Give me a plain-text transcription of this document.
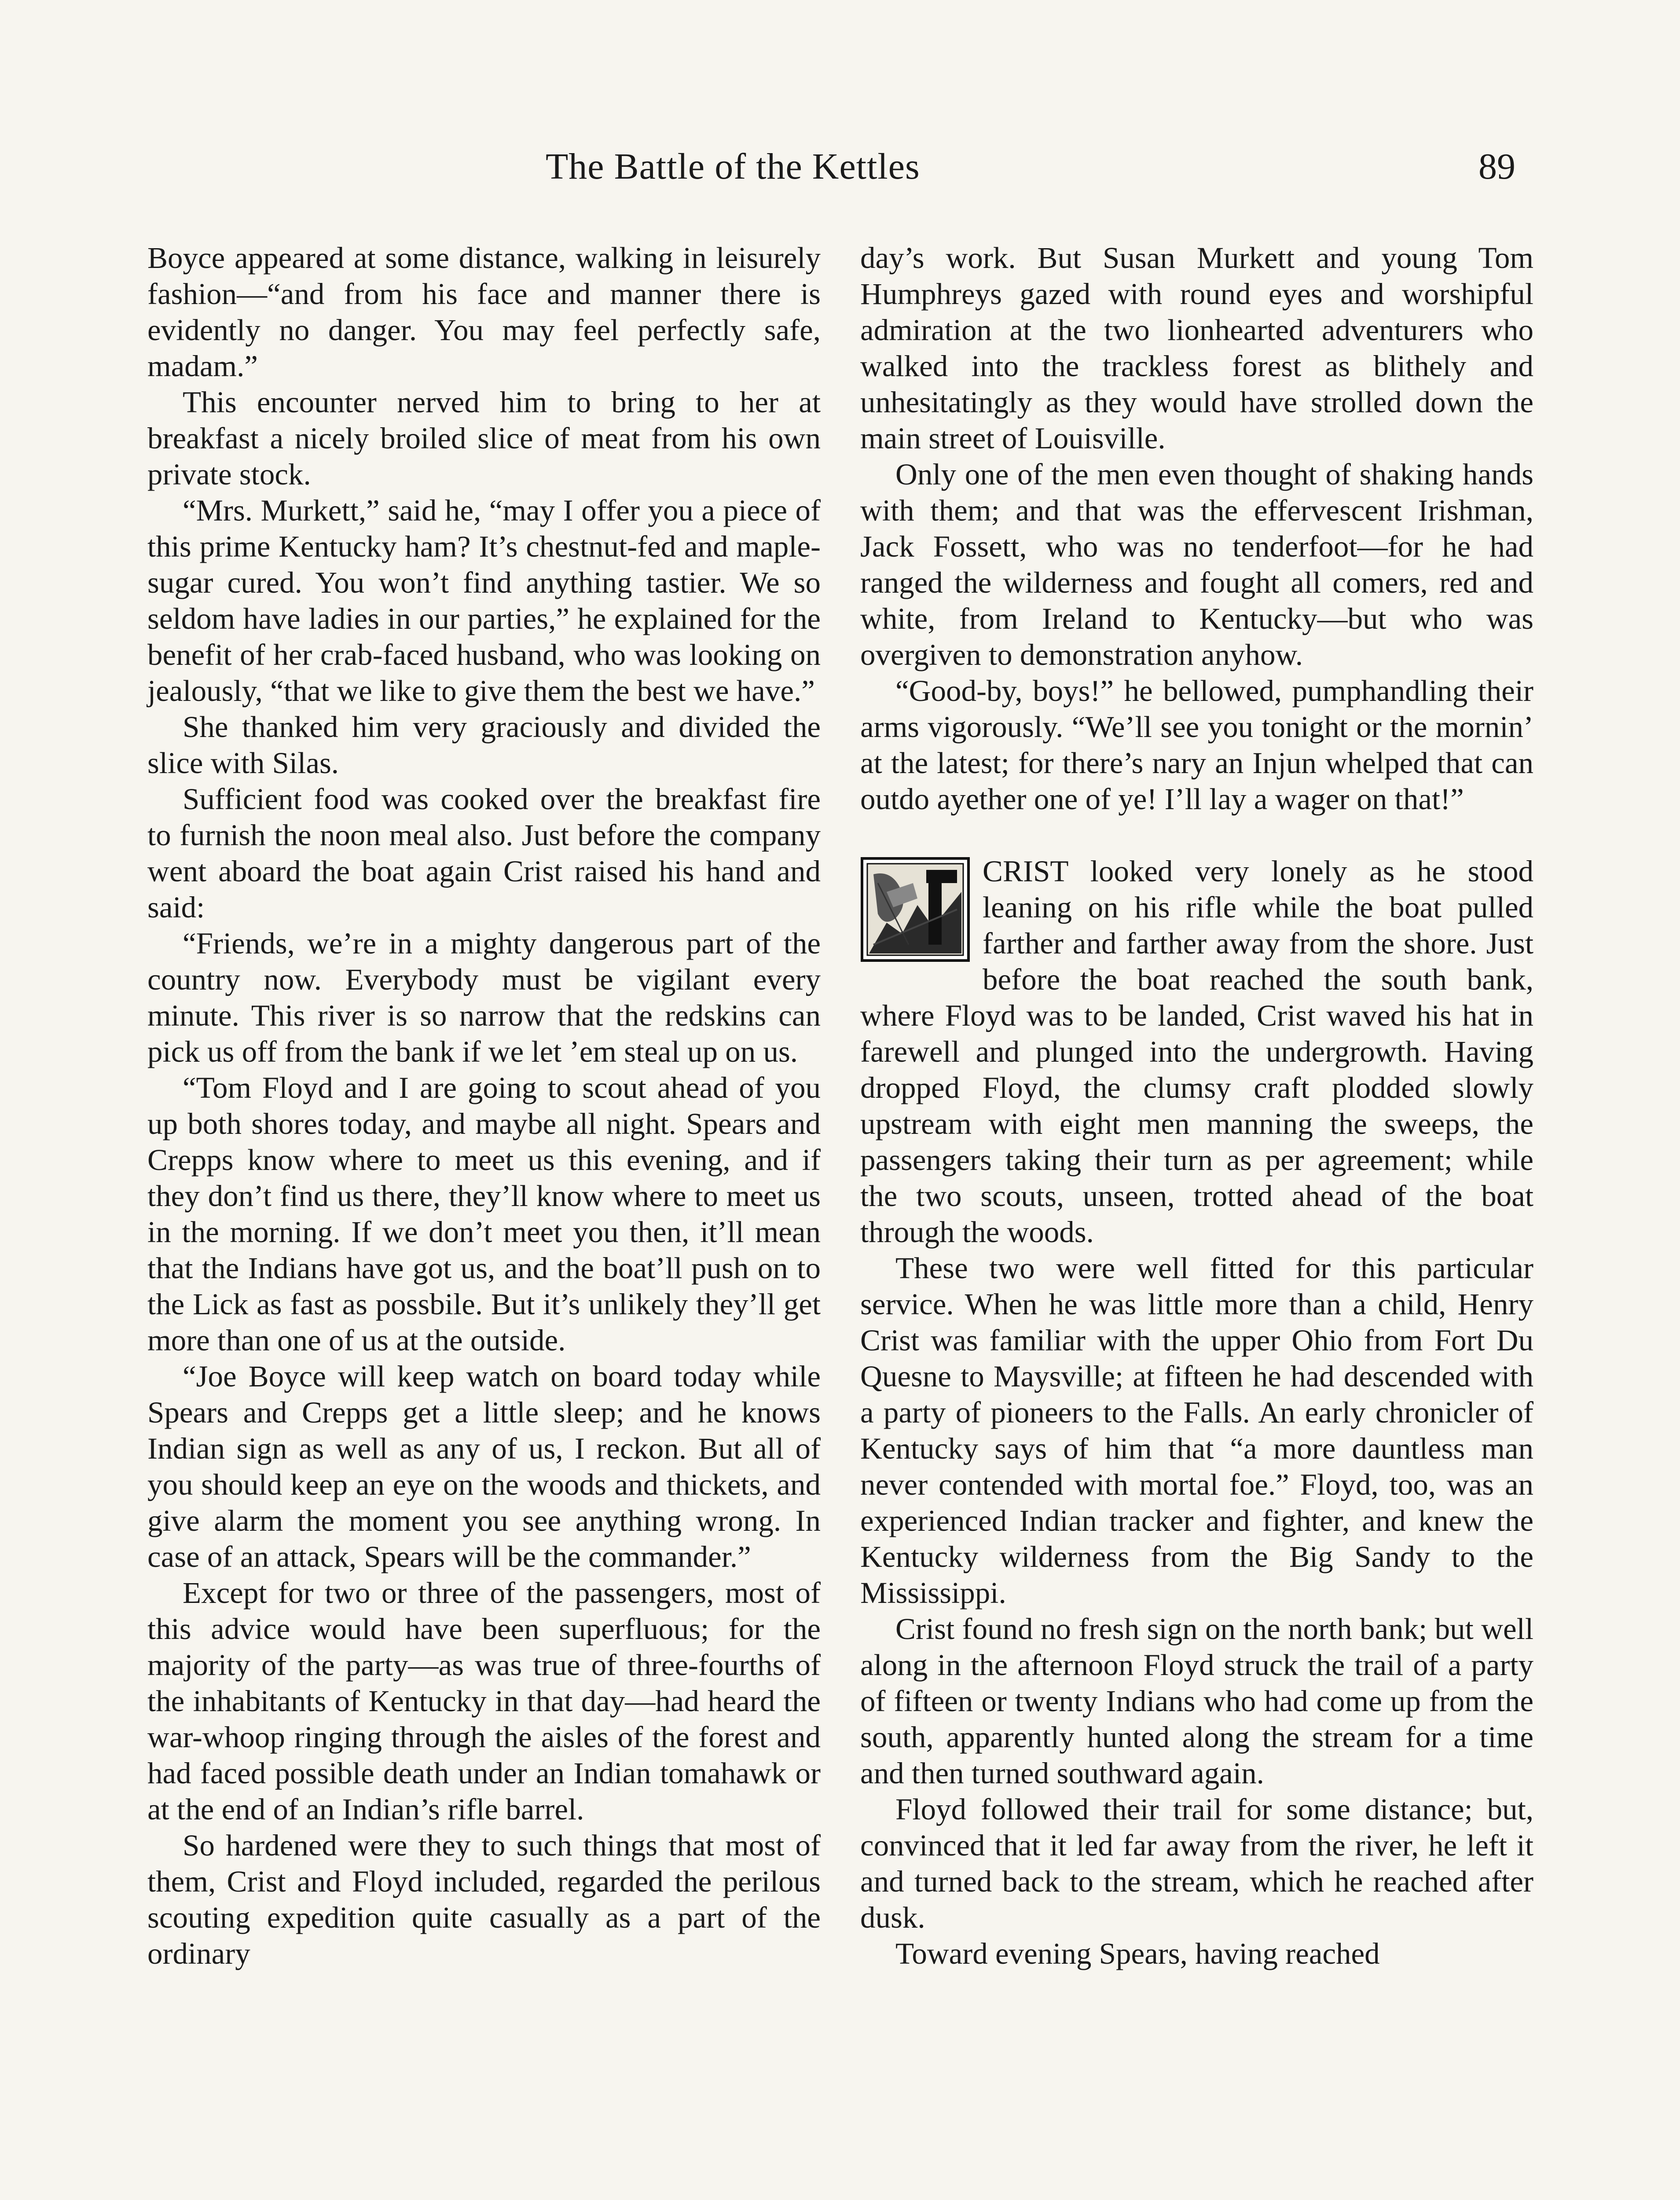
The Battle of the Kettles	89

Boyce appeared at some distance, walking in leisurely fashion—“and from his face and manner there is evidently no danger. You may feel perfectly safe, madam.”

This encounter nerved him to bring to her at breakfast a nicely broiled slice of meat from his own private stock.

“Mrs. Murkett,” said he, “may I offer you a piece of this prime Kentucky ham? It’s chestnut-fed and maple-sugar cured. You won’t find anything tastier. We so seldom have ladies in our parties,” he explained for the benefit of her crab-faced husband, who was looking on jealously, “that we like to give them the best we have.”

She thanked him very graciously and divided the slice with Silas.

Sufficient food was cooked over the breakfast fire to furnish the noon meal also. Just before the company went aboard the boat again Crist raised his hand and said:

“Friends, we’re in a mighty dangerous part of the country now. Everybody must be vigilant every minute. This river is so narrow that the redskins can pick us off from the bank if we let ’em steal up on us.

“Tom Floyd and I are going to scout ahead of you up both shores today, and maybe all night. Spears and Crepps know where to meet us this evening, and if they don’t find us there, they’ll know where to meet us in the morning. If we don’t meet you then, it’ll mean that the Indians have got us, and the boat’ll push on to the Lick as fast as possbile. But it’s unlikely they’ll get more than one of us at the outside.

“Joe Boyce will keep watch on board today while Spears and Crepps get a little sleep; and he knows Indian sign as well as any of us, I reckon. But all of you should keep an eye on the woods and thickets, and give alarm the moment you see anything wrong. In case of an attack, Spears will be the commander.”

Except for two or three of the passengers, most of this advice would have been superfluous; for the majority of the party—as was true of three-fourths of the inhabitants of Kentucky in that day—had heard the war-whoop ringing through the aisles of the forest and had faced possible death under an Indian tomahawk or at the end of an Indian’s rifle barrel.

So hardened were they to such things that most of them, Crist and Floyd included, regarded the perilous scouting expedition quite casually as a part of the ordinary

day’s work. But Susan Murkett and young Tom Humphreys gazed with round eyes and worshipful admiration at the two lionhearted adventurers who walked into the trackless forest as blithely and unhesitatingly as they would have strolled down the main street of Louisville.

Only one of the men even thought of shaking hands with them; and that was the effervescent Irishman, Jack Fossett, who was no tenderfoot—for he had ranged the wilderness and fought all comers, red and white, from Ireland to Kentucky—but who was overgiven to demonstration anyhow.

“Good-by, boys!” he bellowed, pumphandling their arms vigorously. “We’ll see you tonight or the mornin’ at the latest; for there’s nary an Injun whelped that can outdo ayether one of ye! I’ll lay a wager on that!”

CRIST looked very lonely as he stood leaning on his rifle while the boat pulled farther and farther away from the shore. Just before the boat reached the south bank, where Floyd was to be landed, Crist waved his hat in farewell and plunged into the undergrowth. Having dropped Floyd, the clumsy craft plodded slowly upstream with eight men manning the sweeps, the passengers taking their turn as per agreement; while the two scouts, unseen, trotted ahead of the boat through the woods.

These two were well fitted for this particular service. When he was little more than a child, Henry Crist was familiar with the upper Ohio from Fort Du Quesne to Maysville; at fifteen he had descended with a party of pioneers to the Falls. An early chronicler of Kentucky says of him that “a more dauntless man never contended with mortal foe.” Floyd, too, was an experienced Indian tracker and fighter, and knew the Kentucky wilderness from the Big Sandy to the Mississippi.

Crist found no fresh sign on the north bank; but well along in the afternoon Floyd struck the trail of a party of fifteen or twenty Indians who had come up from the south, apparently hunted along the stream for a time and then turned southward again.

Floyd followed their trail for some distance; but, convinced that it led far away from the river, he left it and turned back to the stream, which he reached after dusk.

Toward evening Spears, having reached
